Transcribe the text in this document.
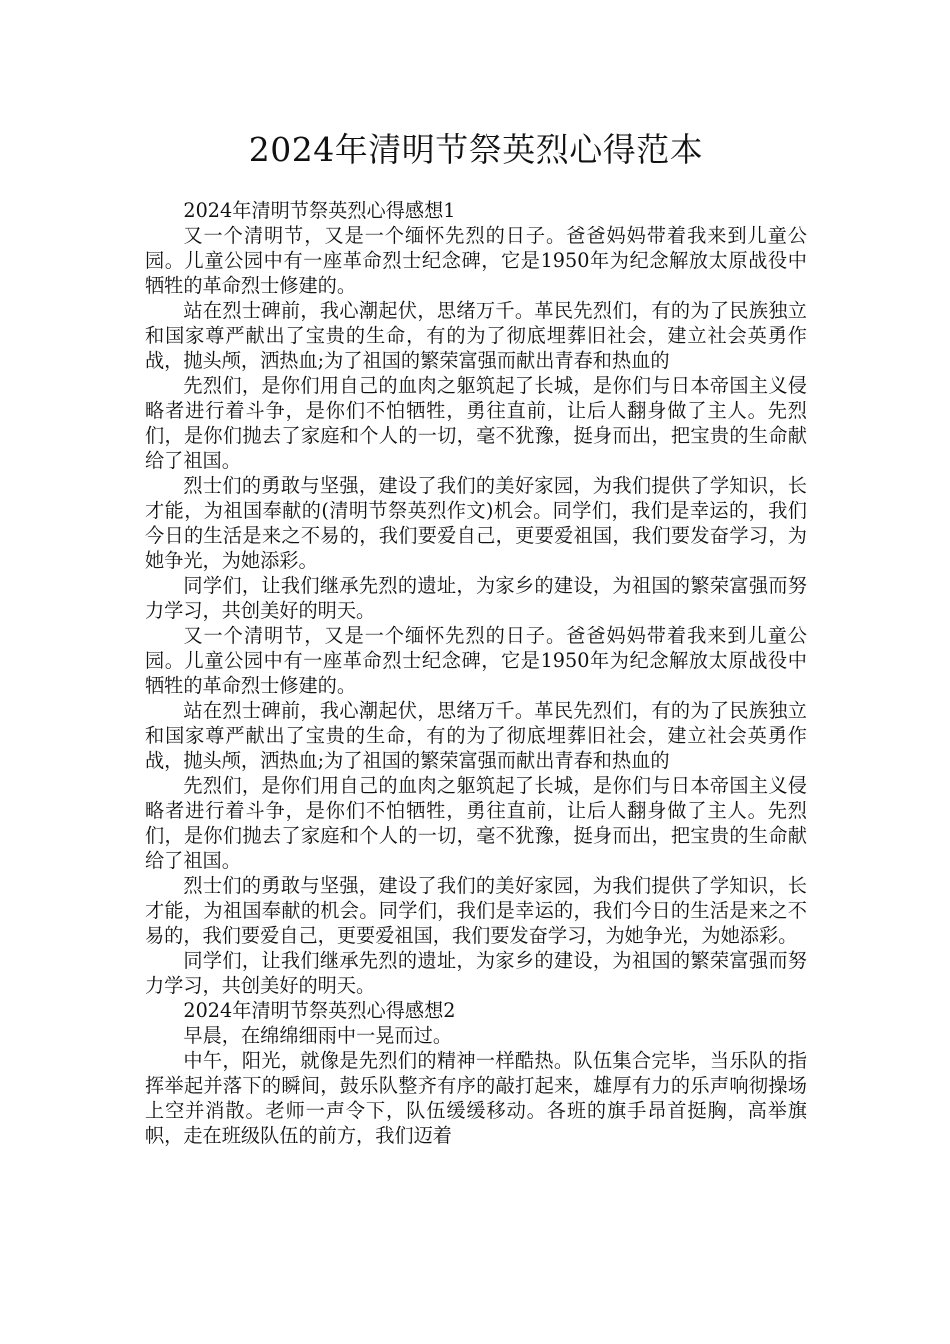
2024年清明节祭英烈心得范本

2024年清明节祭英烈心得感想1

又一个清明节，又是一个缅怀先烈的日子。爸爸妈妈带着我来到儿童公园。儿童公园中有一座革命烈士纪念碑，它是1950年为纪念解放太原战役中牺牲的革命烈士修建的。

站在烈士碑前，我心潮起伏，思绪万千。革民先烈们，有的为了民族独立和国家尊严献出了宝贵的生命，有的为了彻底埋葬旧社会，建立社会英勇作战，抛头颅，洒热血;为了祖国的繁荣富强而献出青春和热血的

先烈们，是你们用自己的血肉之躯筑起了长城，是你们与日本帝国主义侵略者进行着斗争，是你们不怕牺牲，勇往直前，让后人翻身做了主人。先烈们，是你们抛去了家庭和个人的一切，毫不犹豫，挺身而出，把宝贵的生命献给了祖国。

烈士们的勇敢与坚强，建设了我们的美好家园，为我们提供了学知识，长才能，为祖国奉献的(清明节祭英烈作文)机会。同学们，我们是幸运的，我们今日的生活是来之不易的，我们要爱自己，更要爱祖国，我们要发奋学习，为她争光，为她添彩。

同学们，让我们继承先烈的遗址，为家乡的建设，为祖国的繁荣富强而努力学习，共创美好的明天。

又一个清明节，又是一个缅怀先烈的日子。爸爸妈妈带着我来到儿童公园。儿童公园中有一座革命烈士纪念碑，它是1950年为纪念解放太原战役中牺牲的革命烈士修建的。

站在烈士碑前，我心潮起伏，思绪万千。革民先烈们，有的为了民族独立和国家尊严献出了宝贵的生命，有的为了彻底埋葬旧社会，建立社会英勇作战，抛头颅，洒热血;为了祖国的繁荣富强而献出青春和热血的

先烈们，是你们用自己的血肉之躯筑起了长城，是你们与日本帝国主义侵略者进行着斗争，是你们不怕牺牲，勇往直前，让后人翻身做了主人。先烈们，是你们抛去了家庭和个人的一切，毫不犹豫，挺身而出，把宝贵的生命献给了祖国。

烈士们的勇敢与坚强，建设了我们的美好家园，为我们提供了学知识，长才能，为祖国奉献的机会。同学们，我们是幸运的，我们今日的生活是来之不易的，我们要爱自己，更要爱祖国，我们要发奋学习，为她争光，为她添彩。

同学们，让我们继承先烈的遗址，为家乡的建设，为祖国的繁荣富强而努力学习，共创美好的明天。

2024年清明节祭英烈心得感想2

早晨，在绵绵细雨中一晃而过。

中午，阳光，就像是先烈们的精神一样酷热。队伍集合完毕，当乐队的指挥举起并落下的瞬间，鼓乐队整齐有序的敲打起来，雄厚有力的乐声响彻操场上空并消散。老师一声令下，队伍缓缓移动。各班的旗手昂首挺胸，高举旗帜，走在班级队伍的前方，我们迈着
